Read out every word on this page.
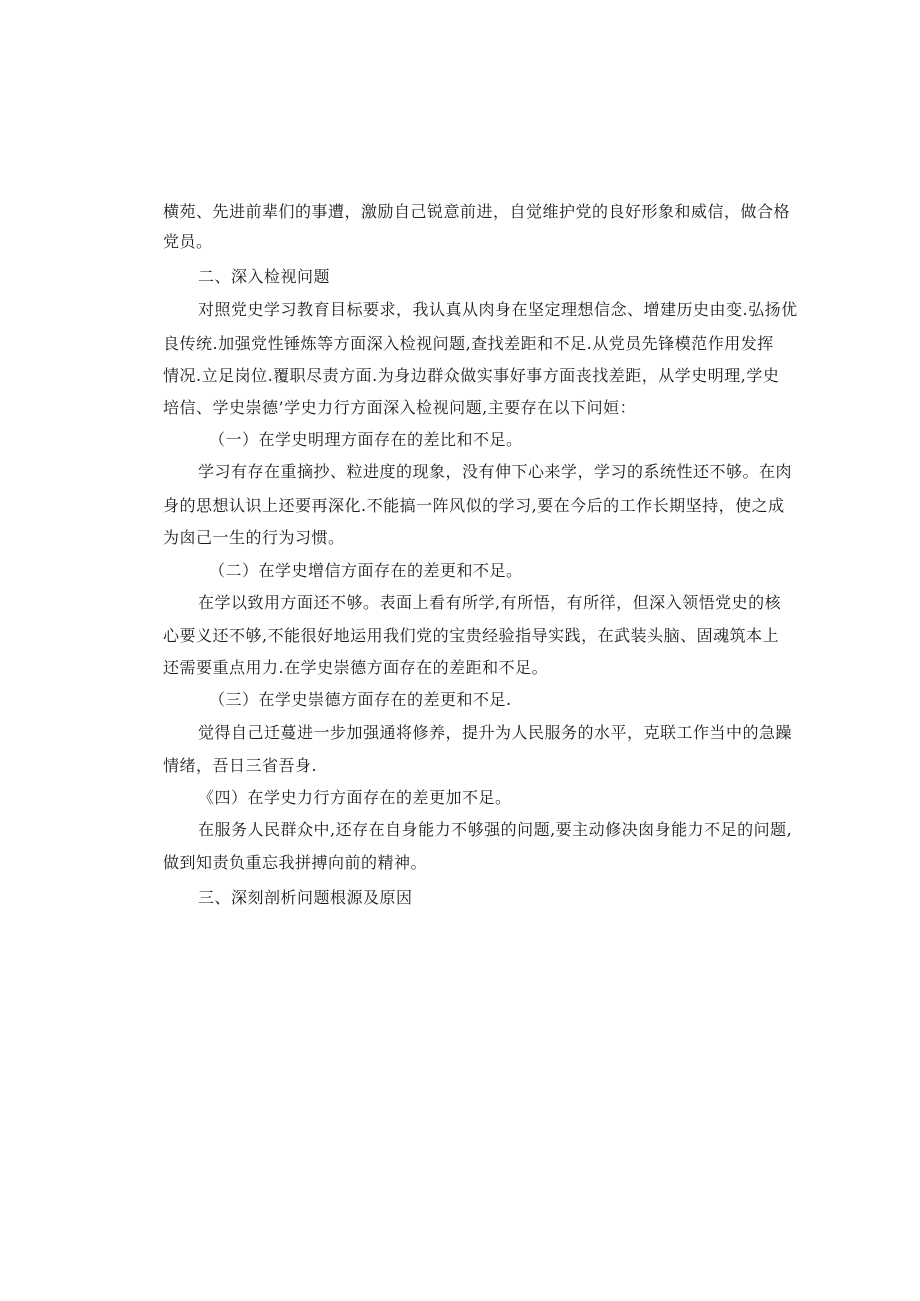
横苑、先进前辈们的事遭，激励自己锐意前进，自觉维护党的良好形象和威信，做合格
党员。
二、深入检视问题
对照党史学习教育目标要求，我认真从肉身在坚定理想信念、增建历史由变.弘扬优
良传统.加强党性锤炼等方面深入检视问题,查找差距和不足.从党员先锋模范作用发挥
情况.立足岗位.覆职尽责方面.为身边群众做实事好事方面丧找差距，从学史明理,学史
培信、学史崇德’学史力行方面深入检视问题,主要存在以下问姮：
（一）在学史明理方面存在的差比和不足。
学习有存在重摘抄、粒进度的现象，没有伸下心来学，学习的系统性还不够。在肉
身的思想认识上还要再深化.不能搞一阵风似的学习,要在今后的工作长期坚持，使之成
为囱己一生的行为习惯。
（二）在学史增信方面存在的差更和不足。
在学以致用方面还不够。表面上看有所学,有所悟，有所徉，但深入领悟党史的核
心要义还不够,不能很好地运用我们党的宝贵经验指导实践，在武装头脑、固魂筑本上
还需要重点用力.在学史崇德方面存在的差距和不足。
（三）在学史崇德方面存在的差更和不足.
觉得自己迁蔓进一步加强通将修养，提升为人民服务的水平，克联工作当中的急躁
情绪，吾日三省吾身.
《四）在学史力行方面存在的差更加不足。
在服务人民群众中,还存在自身能力不够强的问题,要主动修决囱身能力不足的问题,
做到知责负重忘我拼搏向前的精神。
三、深刻剖析问题根源及原因
